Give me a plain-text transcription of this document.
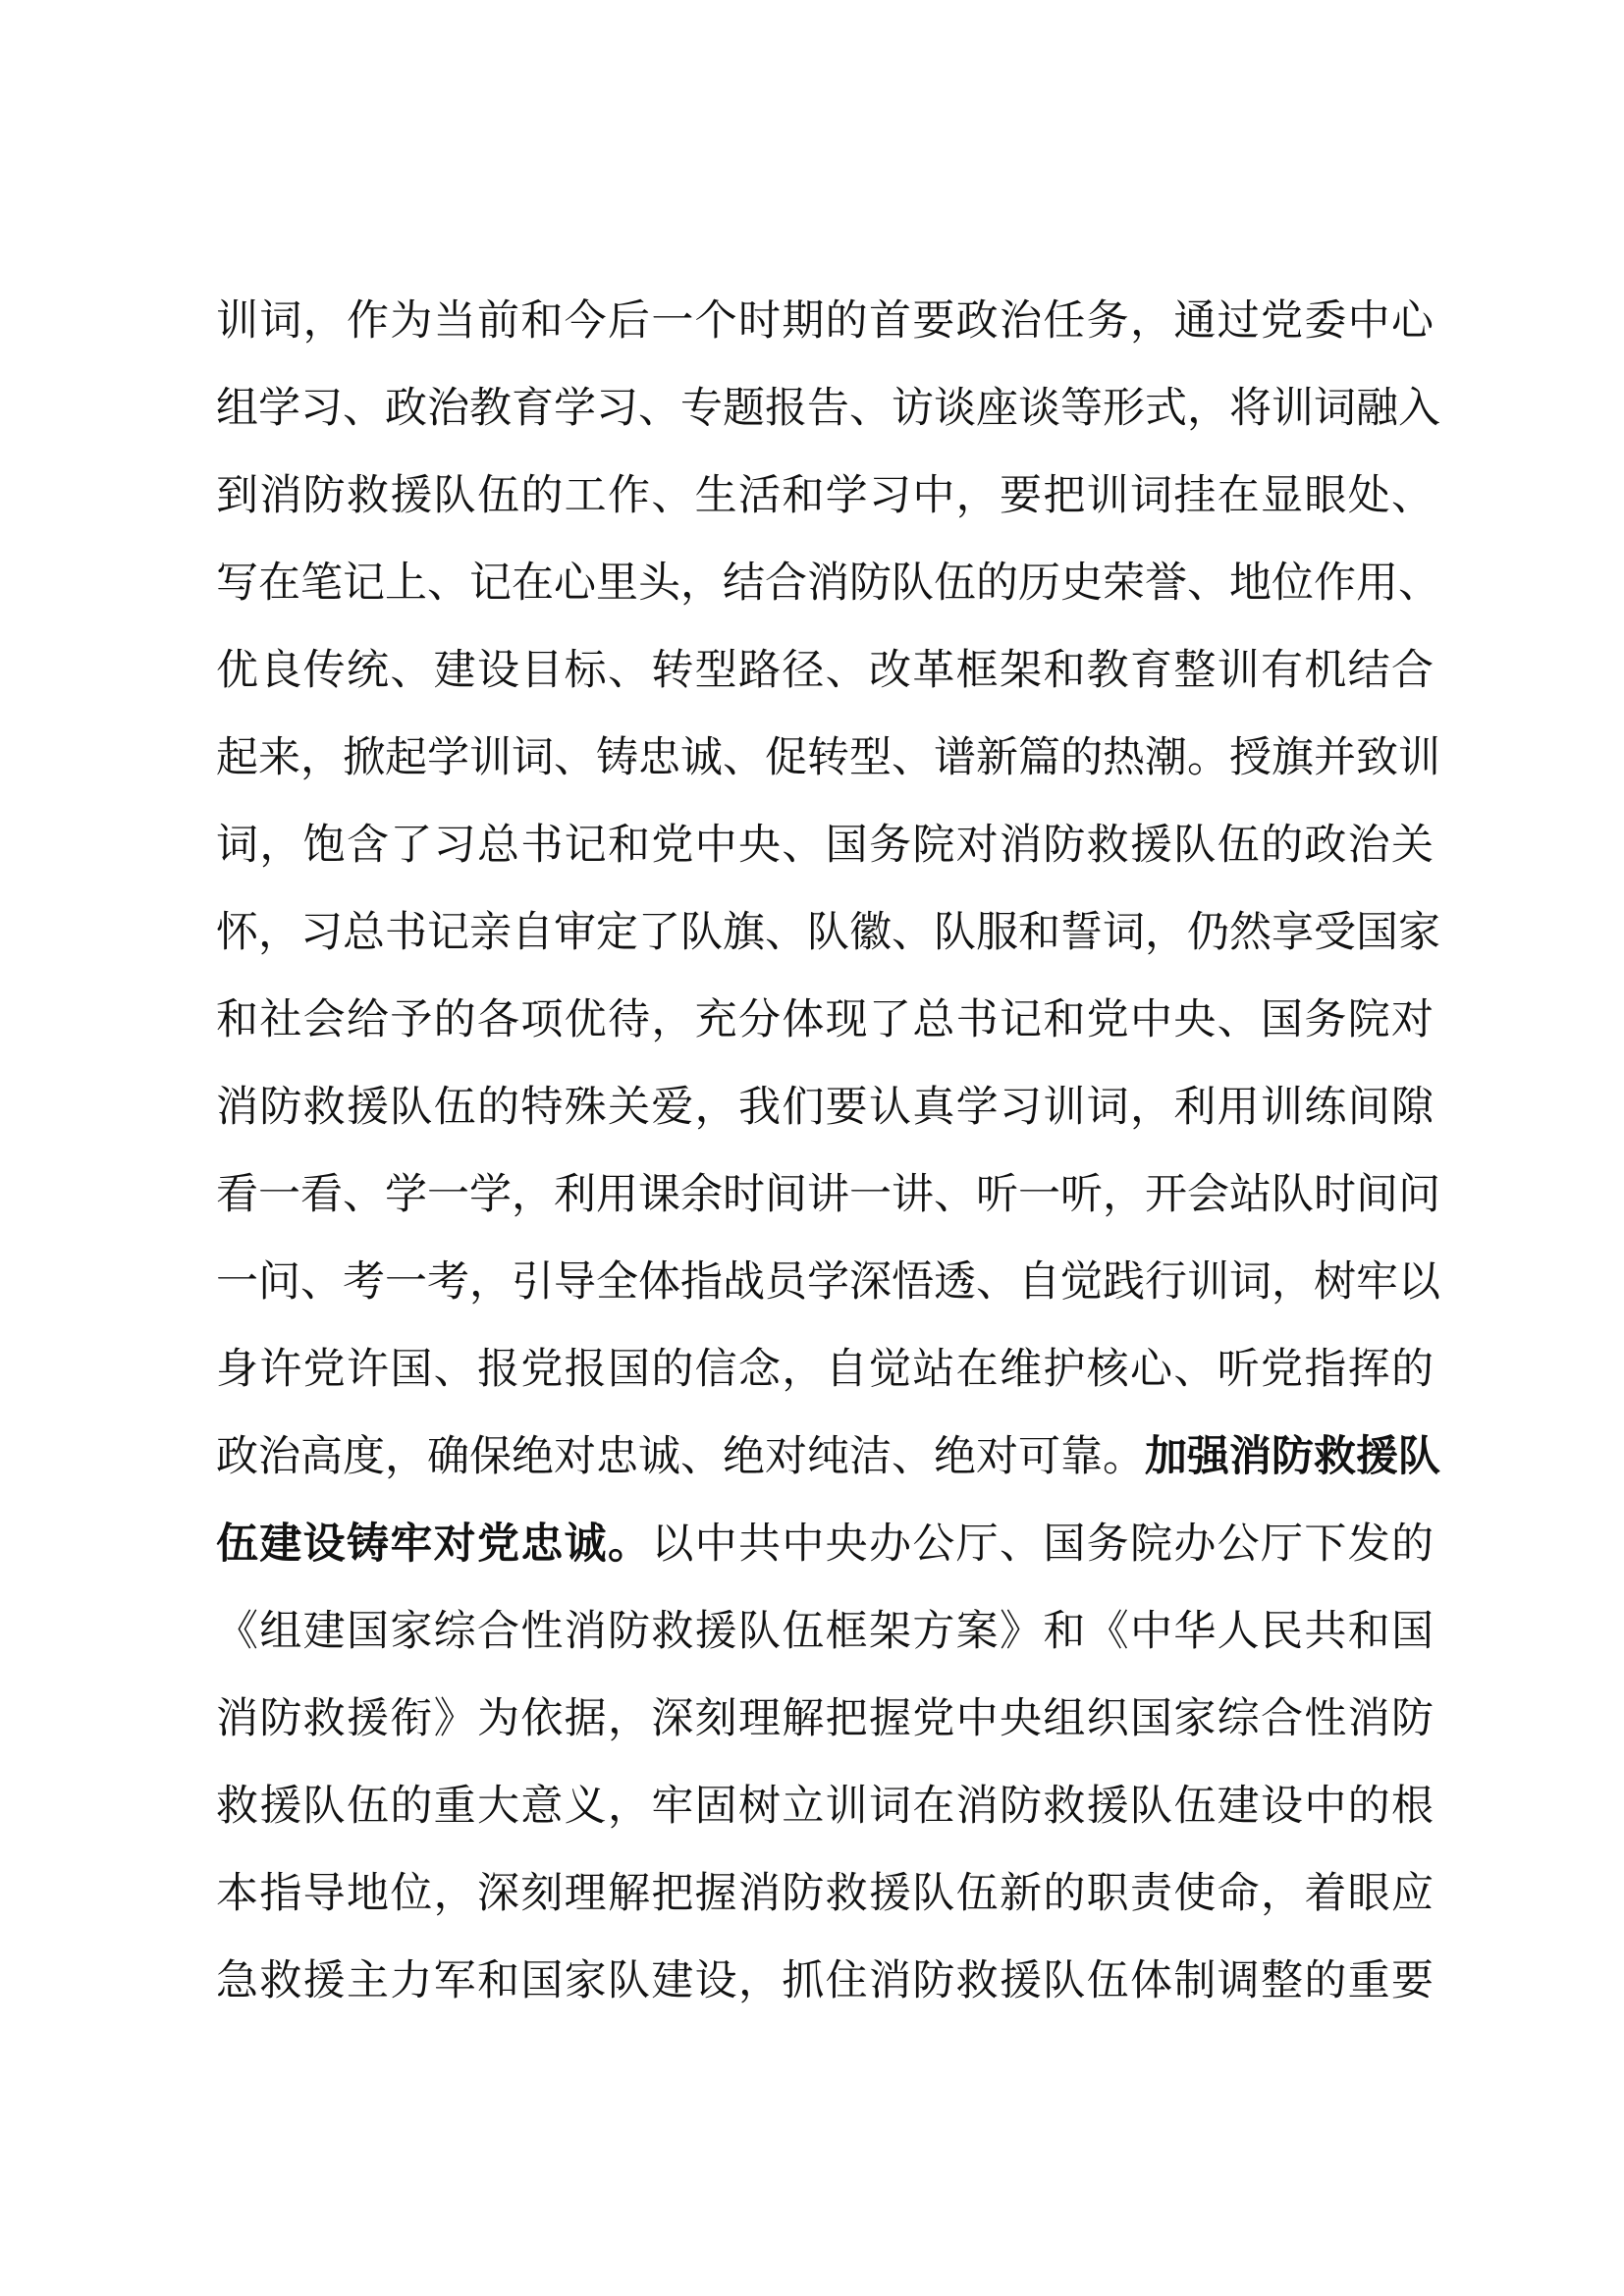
训词，作为当前和今后一个时期的首要政治任务，通过党委中心
组学习、政治教育学习、专题报告、访谈座谈等形式，将训词融入
到消防救援队伍的工作、生活和学习中，要把训词挂在显眼处、
写在笔记上、记在心里头，结合消防队伍的历史荣誉、地位作用、
优良传统、建设目标、转型路径、改革框架和教育整训有机结合
起来，掀起学训词、铸忠诚、促转型、谱新篇的热潮。授旗并致训
词，饱含了习总书记和党中央、国务院对消防救援队伍的政治关
怀，习总书记亲自审定了队旗、队徽、队服和誓词，仍然享受国家
和社会给予的各项优待，充分体现了总书记和党中央、国务院对
消防救援队伍的特殊关爱，我们要认真学习训词，利用训练间隙
看一看、学一学，利用课余时间讲一讲、听一听，开会站队时间问
一问、考一考，引导全体指战员学深悟透、自觉践行训词，树牢以
身许党许国、报党报国的信念，自觉站在维护核心、听党指挥的
政治高度，确保绝对忠诚、绝对纯洁、绝对可靠。加强消防救援队
伍建设铸牢对党忠诚。以中共中央办公厅、国务院办公厅下发的
《组建国家综合性消防救援队伍框架方案》和《中华人民共和国
消防救援衔》为依据，深刻理解把握党中央组织国家综合性消防
救援队伍的重大意义，牢固树立训词在消防救援队伍建设中的根
本指导地位，深刻理解把握消防救援队伍新的职责使命，着眼应
急救援主力军和国家队建设，抓住消防救援队伍体制调整的重要
